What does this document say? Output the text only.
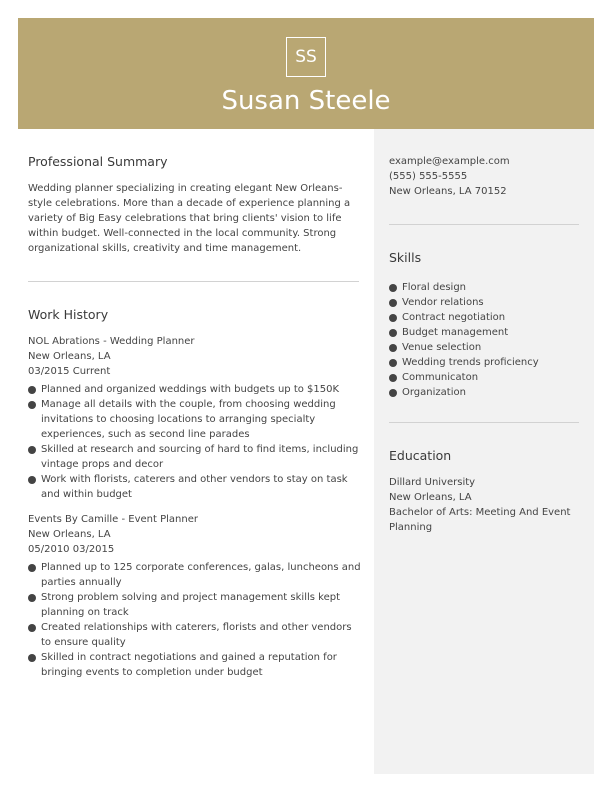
SS
Susan Steele
Professional Summary
Wedding planner specializing in creating elegant New Orleans-style celebrations. More than a decade of experience planning a variety of Big Easy celebrations that bring clients' vision to life within budget. Well-connected in the local community. Strong organizational skills, creativity and time management.
Work History
NOL Abrations - Wedding Planner
New Orleans, LA
03/2015 Current
Planned and organized weddings with budgets up to $150K
Manage all details with the couple, from choosing wedding invitations to choosing locations to arranging specialty experiences, such as second line parades
Skilled at research and sourcing of hard to find items, including vintage props and decor
Work with florists, caterers and other vendors to stay on task and within budget
Events By Camille - Event Planner
New Orleans, LA
05/2010 03/2015
Planned up to 125 corporate conferences, galas, luncheons and parties annually
Strong problem solving and project management skills kept planning on track
Created relationships with caterers, florists and other vendors to ensure quality
Skilled in contract negotiations and gained a reputation for bringing events to completion under budget
example@example.com
(555) 555-5555
New Orleans, LA 70152
Skills
Floral design
Vendor relations
Contract negotiation
Budget management
Venue selection
Wedding trends proficiency
Communicaton
Organization
Education
Dillard University
New Orleans, LA
Bachelor of Arts: Meeting And Event Planning
